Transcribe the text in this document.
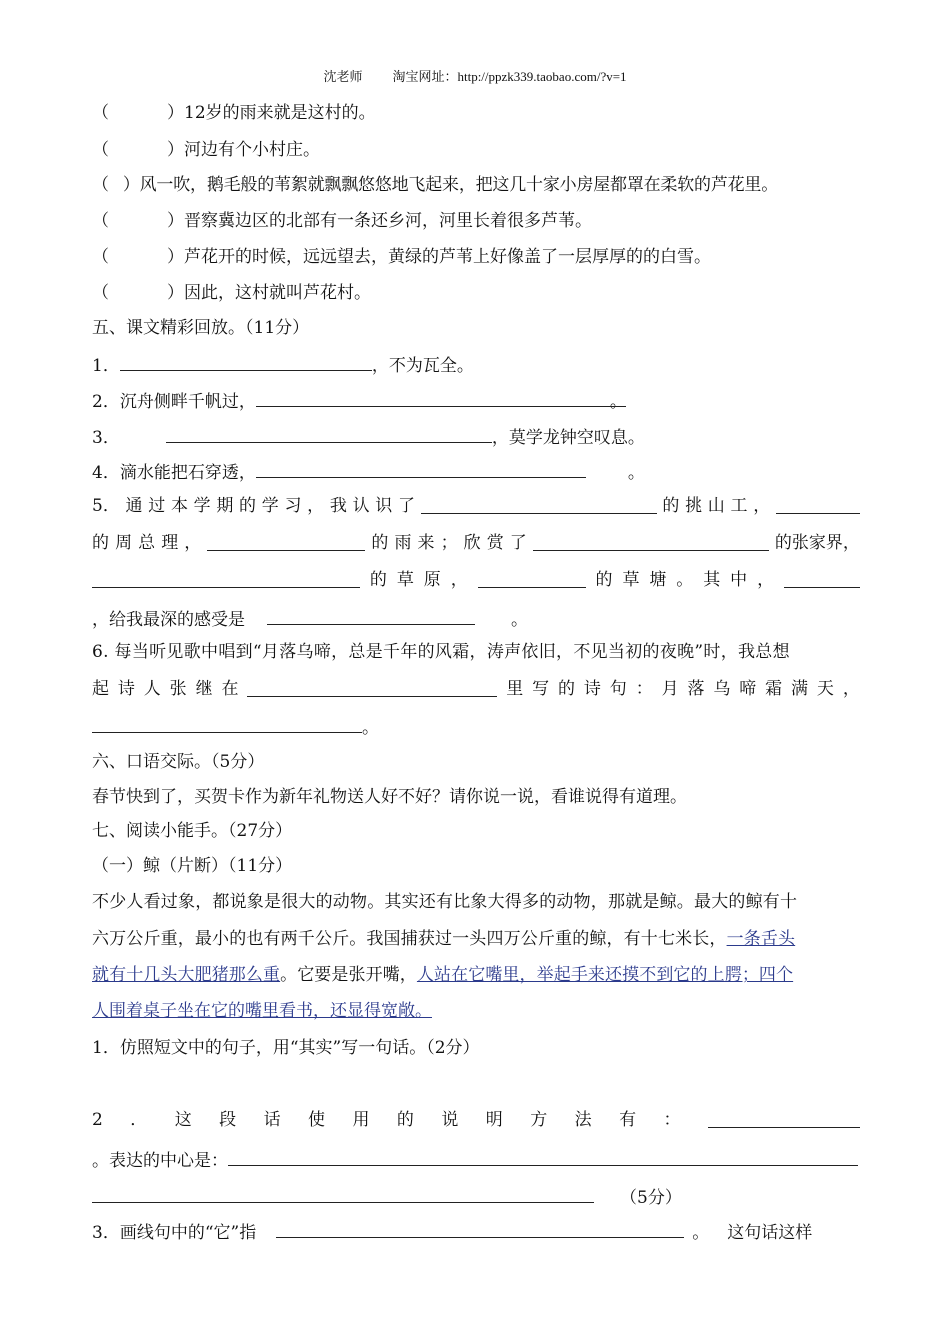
沈老师 淘宝网址：http://ppzk339.taobao.com/?v=1
（	）12岁的雨来就是这村的。
（	）河边有个小村庄。
（ ）风一吹，鹅毛般的苇絮就飘飘悠悠地飞起来，把这几十家小房屋都罩在柔软的芦花里。
（	）晋察冀边区的北部有一条还乡河，河里长着很多芦苇。
（	）芦花开的时候，远远望去，黄绿的芦苇上好像盖了一层厚厚的的白雪。
（	）因此，这村就叫芦花村。
五、课文精彩回放。（11分）
1．	，不为瓦全。
2．沉舟侧畔千帆过，	。
3．	，莫学龙钟空叹息。
4．滴水能把石穿透，	。
5． 通 过 本 学 期 的 学 习 ， 我 认 识 了	的 挑 山 工 ，
的 周 总 理 ，	的 雨 来 ； 欣 赏 了	的张家界，
的 草 原 ，	的 草 塘 。 其 中 ，
，给我最深的感受是	。
6. 每当听见歌中唱到“月落乌啼，总是千年的风霜，涛声依旧，不见当初的夜晚”时，我总想
起 诗 人 张 继 在	里 写 的 诗 句 ： 月 落 乌 啼 霜 满 天 ，
。
六、口语交际。（5分）
春节快到了，买贺卡作为新年礼物送人好不好？请你说一说，看谁说得有道理。
七、阅读小能手。（27分）
（一）鲸（片断）（11分）
不少人看过象，都说象是很大的动物。其实还有比象大得多的动物，那就是鲸。最大的鲸有十
六万公斤重，最小的也有两千公斤。我国捕获过一头四万公斤重的鲸，有十七米长，一条舌头
就有十几头大肥猪那么重。它要是张开嘴，人站在它嘴里，举起手来还摸不到它的上腭；四个
人围着桌子坐在它的嘴里看书，还显得宽敞。
1．仿照短文中的句子，用“其实”写一句话。（2分）
2 ． 这 段 话 使 用 的 说 明 方 法 有 ：
。表达的中心是：
（5分）
3．画线句中的“它”指	。 这句话这样
